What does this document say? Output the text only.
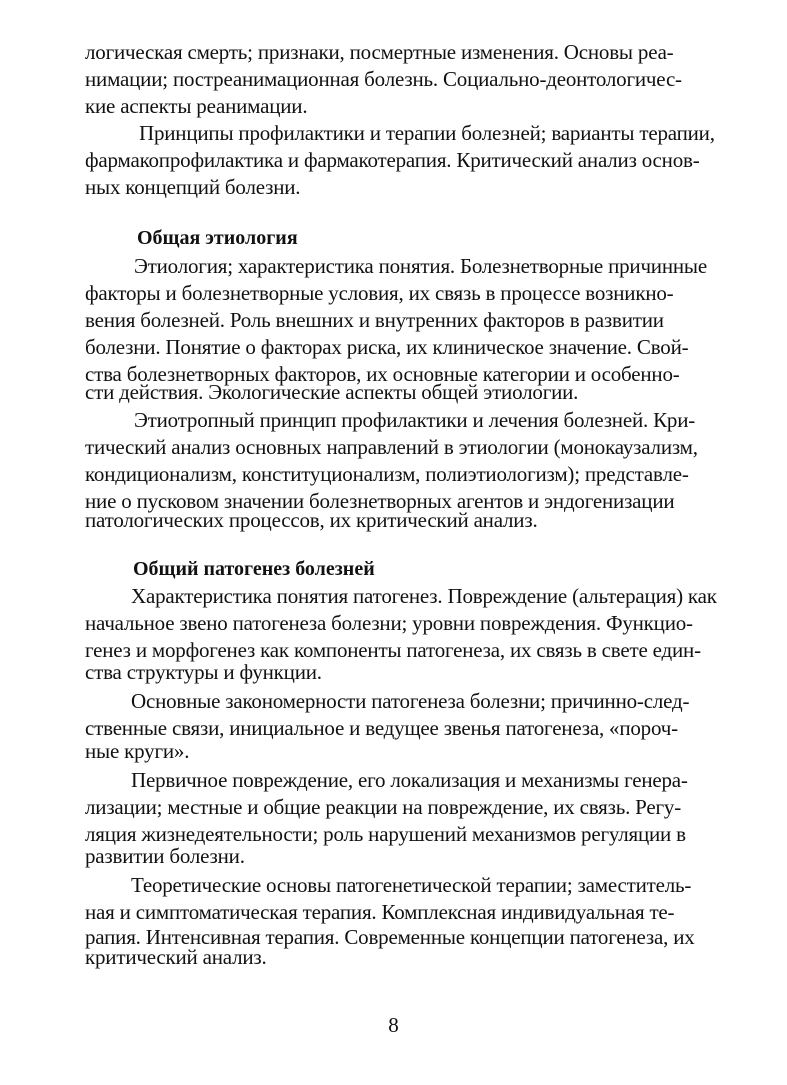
логическая смерть; признаки, посмертные изменения. Основы реа-
нимации; постреанимационная болезнь. Социально-деонтологичес-
кие аспекты реанимации.
Принципы профилактики и терапии болезней; варианты терапии,
фармакопрофилактика и фармакотерапия. Критический анализ основ-
ных концепций болезни.
Общая этиология
Этиология; характеристика понятия. Болезнетворные причинные
факторы и болезнетворные условия, их связь в процессе возникно-
вения болезней. Роль внешних и внутренних факторов в развитии
болезни. Понятие о факторах риска, их клиническое значение. Свой-
ства болезнетворных факторов, их основные категории и особенно-
сти действия. Экологические аспекты общей этиологии.
Этиотропный принцип профилактики и лечения болезней. Кри-
тический анализ основных направлений в этиологии (монокаузализм,
кондиционализм, конституционализм, полиэтиологизм); представле-
ние о пусковом значении болезнетворных агентов и эндогенизации
патологических процессов, их критический анализ.
Общий патогенез болезней
Характеристика понятия патогенез. Повреждение (альтерация) как
начальное звено патогенеза болезни; уровни повреждения. Функцио-
генез и морфогенез как компоненты патогенеза, их связь в свете един-
ства структуры и функции.
Основные закономерности патогенеза болезни; причинно-след-
ственные связи, инициальное и ведущее звенья патогенеза, «пороч-
ные круги».
Первичное повреждение, его локализация и механизмы генера-
лизации; местные и общие реакции на повреждение, их связь. Регу-
ляция жизнедеятельности; роль нарушений механизмов регуляции в
развитии болезни.
Теоретические основы патогенетической терапии; заместитель-
ная и симптоматическая терапия. Комплексная индивидуальная те-
рапия. Интенсивная терапия. Современные концепции патогенеза, их
критический анализ.
8
